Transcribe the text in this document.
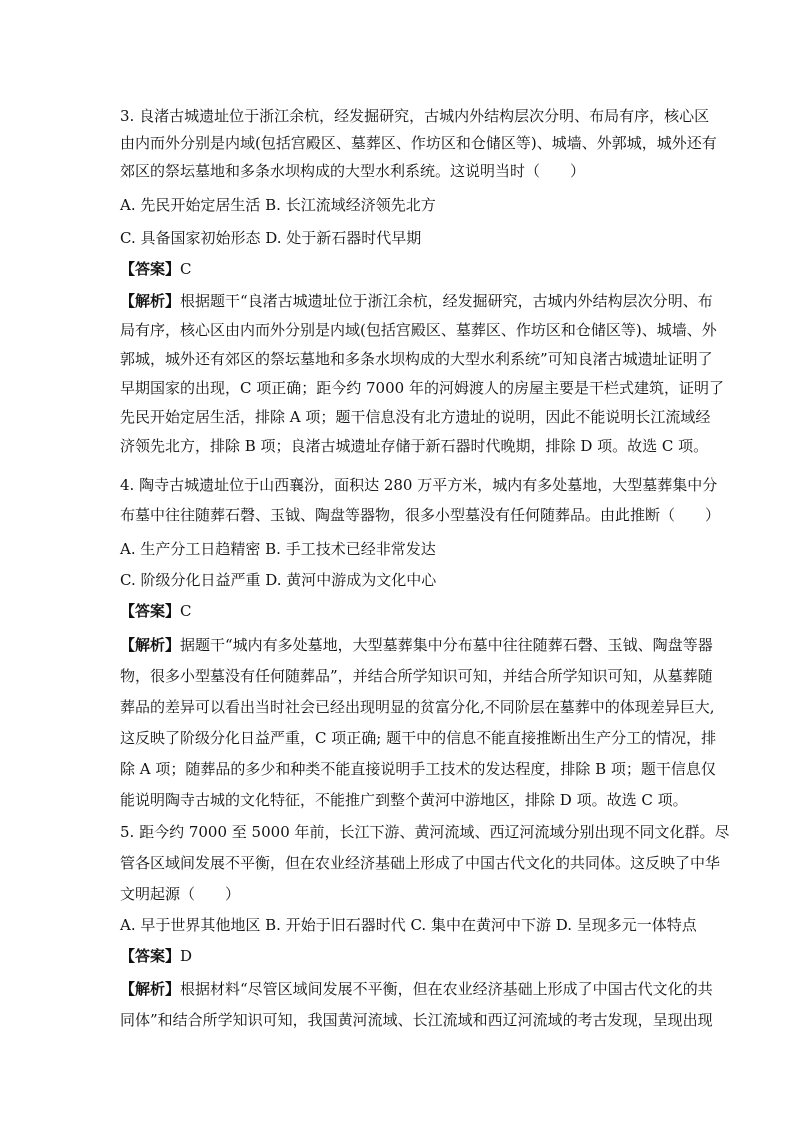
3. 良渚古城遗址位于浙江余杭，经发掘研究，古城内外结构层次分明、布局有序，核心区
由内而外分别是内域(包括宫殿区、墓葬区、作坊区和仓储区等)、城墙、外郭城，城外还有
郊区的祭坛墓地和多条水坝构成的大型水利系统。这说明当时（　　）
A. 先民开始定居生活 B. 长江流域经济领先北方
C. 具备国家初始形态 D. 处于新石器时代早期
【答案】C
【解析】根据题干“良渚古城遗址位于浙江余杭，经发掘研究，古城内外结构层次分明、布
局有序，核心区由内而外分别是内域(包括宫殿区、墓葬区、作坊区和仓储区等)、城墙、外
郭城，城外还有郊区的祭坛墓地和多条水坝构成的大型水利系统”可知良渚古城遗址证明了
早期国家的出现，C 项正确；距今约 7000 年的河姆渡人的房屋主要是干栏式建筑，证明了
先民开始定居生活，排除 A 项；题干信息没有北方遗址的说明，因此不能说明长江流域经
济领先北方，排除 B 项；良渚古城遗址存储于新石器时代晚期，排除 D 项。故选 C 项。
4. 陶寺古城遗址位于山西襄汾，面积达 280 万平方米，城内有多处墓地，大型墓葬集中分
布墓中往往随葬石磬、玉钺、陶盘等器物，很多小型墓没有任何随葬品。由此推断（　　）
A. 生产分工日趋精密 B. 手工技术已经非常发达
C. 阶级分化日益严重 D. 黄河中游成为文化中心
【答案】C
【解析】据题干“城内有多处墓地，大型墓葬集中分布墓中往往随葬石磬、玉钺、陶盘等器
物，很多小型墓没有任何随葬品”，并结合所学知识可知，并结合所学知识可知，从墓葬随
葬品的差异可以看出当时社会已经出现明显的贫富分化,不同阶层在墓葬中的体现差异巨大,
这反映了阶级分化日益严重，C 项正确; 题干中的信息不能直接推断出生产分工的情况，排
除 A 项；随葬品的多少和种类不能直接说明手工技术的发达程度，排除 B 项；题干信息仅
能说明陶寺古城的文化特征，不能推广到整个黄河中游地区，排除 D 项。故选 C 项。
5. 距今约 7000 至 5000 年前，长江下游、黄河流域、西辽河流域分别出现不同文化群。尽
管各区域间发展不平衡，但在农业经济基础上形成了中国古代文化的共同体。这反映了中华
文明起源（　　）
A. 早于世界其他地区 B. 开始于旧石器时代 C. 集中在黄河中下游 D. 呈现多元一体特点
【答案】D
【解析】根据材料“尽管区域间发展不平衡，但在农业经济基础上形成了中国古代文化的共
同体”和结合所学知识可知，我国黄河流域、长江流域和西辽河流域的考古发现，呈现出现
